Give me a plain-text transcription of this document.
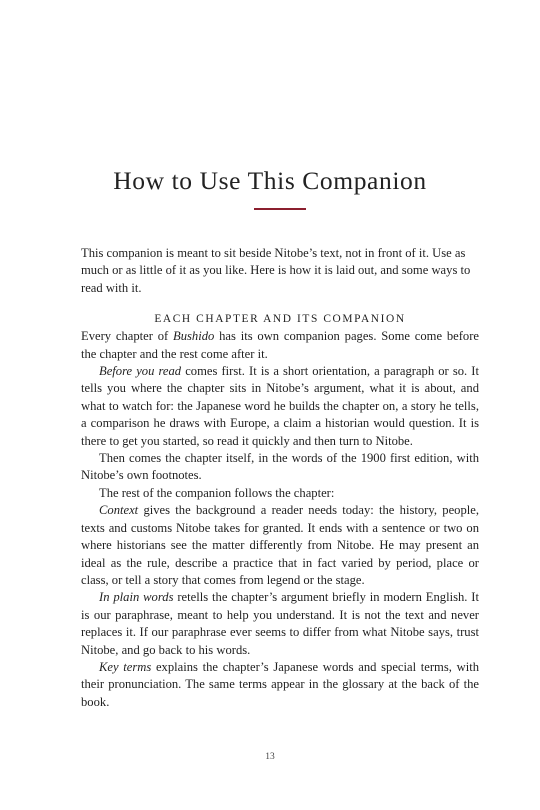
How to Use This Companion

This companion is meant to sit beside Nitobe’s text, not in front of it. Use as much or as little of it as you like. Here is how it is laid out, and some ways to read with it.

EACH CHAPTER AND ITS COMPANION

Every chapter of Bushido has its own companion pages. Some come before the chapter and the rest come after it.

Before you read comes first. It is a short orientation, a paragraph or so. It tells you where the chapter sits in Nitobe’s argument, what it is about, and what to watch for: the Japanese word he builds the chapter on, a story he tells, a comparison he draws with Europe, a claim a historian would question. It is there to get you started, so read it quickly and then turn to Nitobe.

Then comes the chapter itself, in the words of the 1900 first edition, with Nitobe’s own footnotes.

The rest of the companion follows the chapter:

Context gives the background a reader needs today: the history, people, texts and customs Nitobe takes for granted. It ends with a sentence or two on where historians see the matter differently from Nitobe. He may present an ideal as the rule, describe a practice that in fact varied by period, place or class, or tell a story that comes from legend or the stage.

In plain words retells the chapter’s argument briefly in modern English. It is our paraphrase, meant to help you understand. It is not the text and never replaces it. If our paraphrase ever seems to differ from what Nitobe says, trust Nitobe, and go back to his words.

Key terms explains the chapter’s Japanese words and special terms, with their pronunciation. The same terms appear in the glossary at the back of the book.

13
